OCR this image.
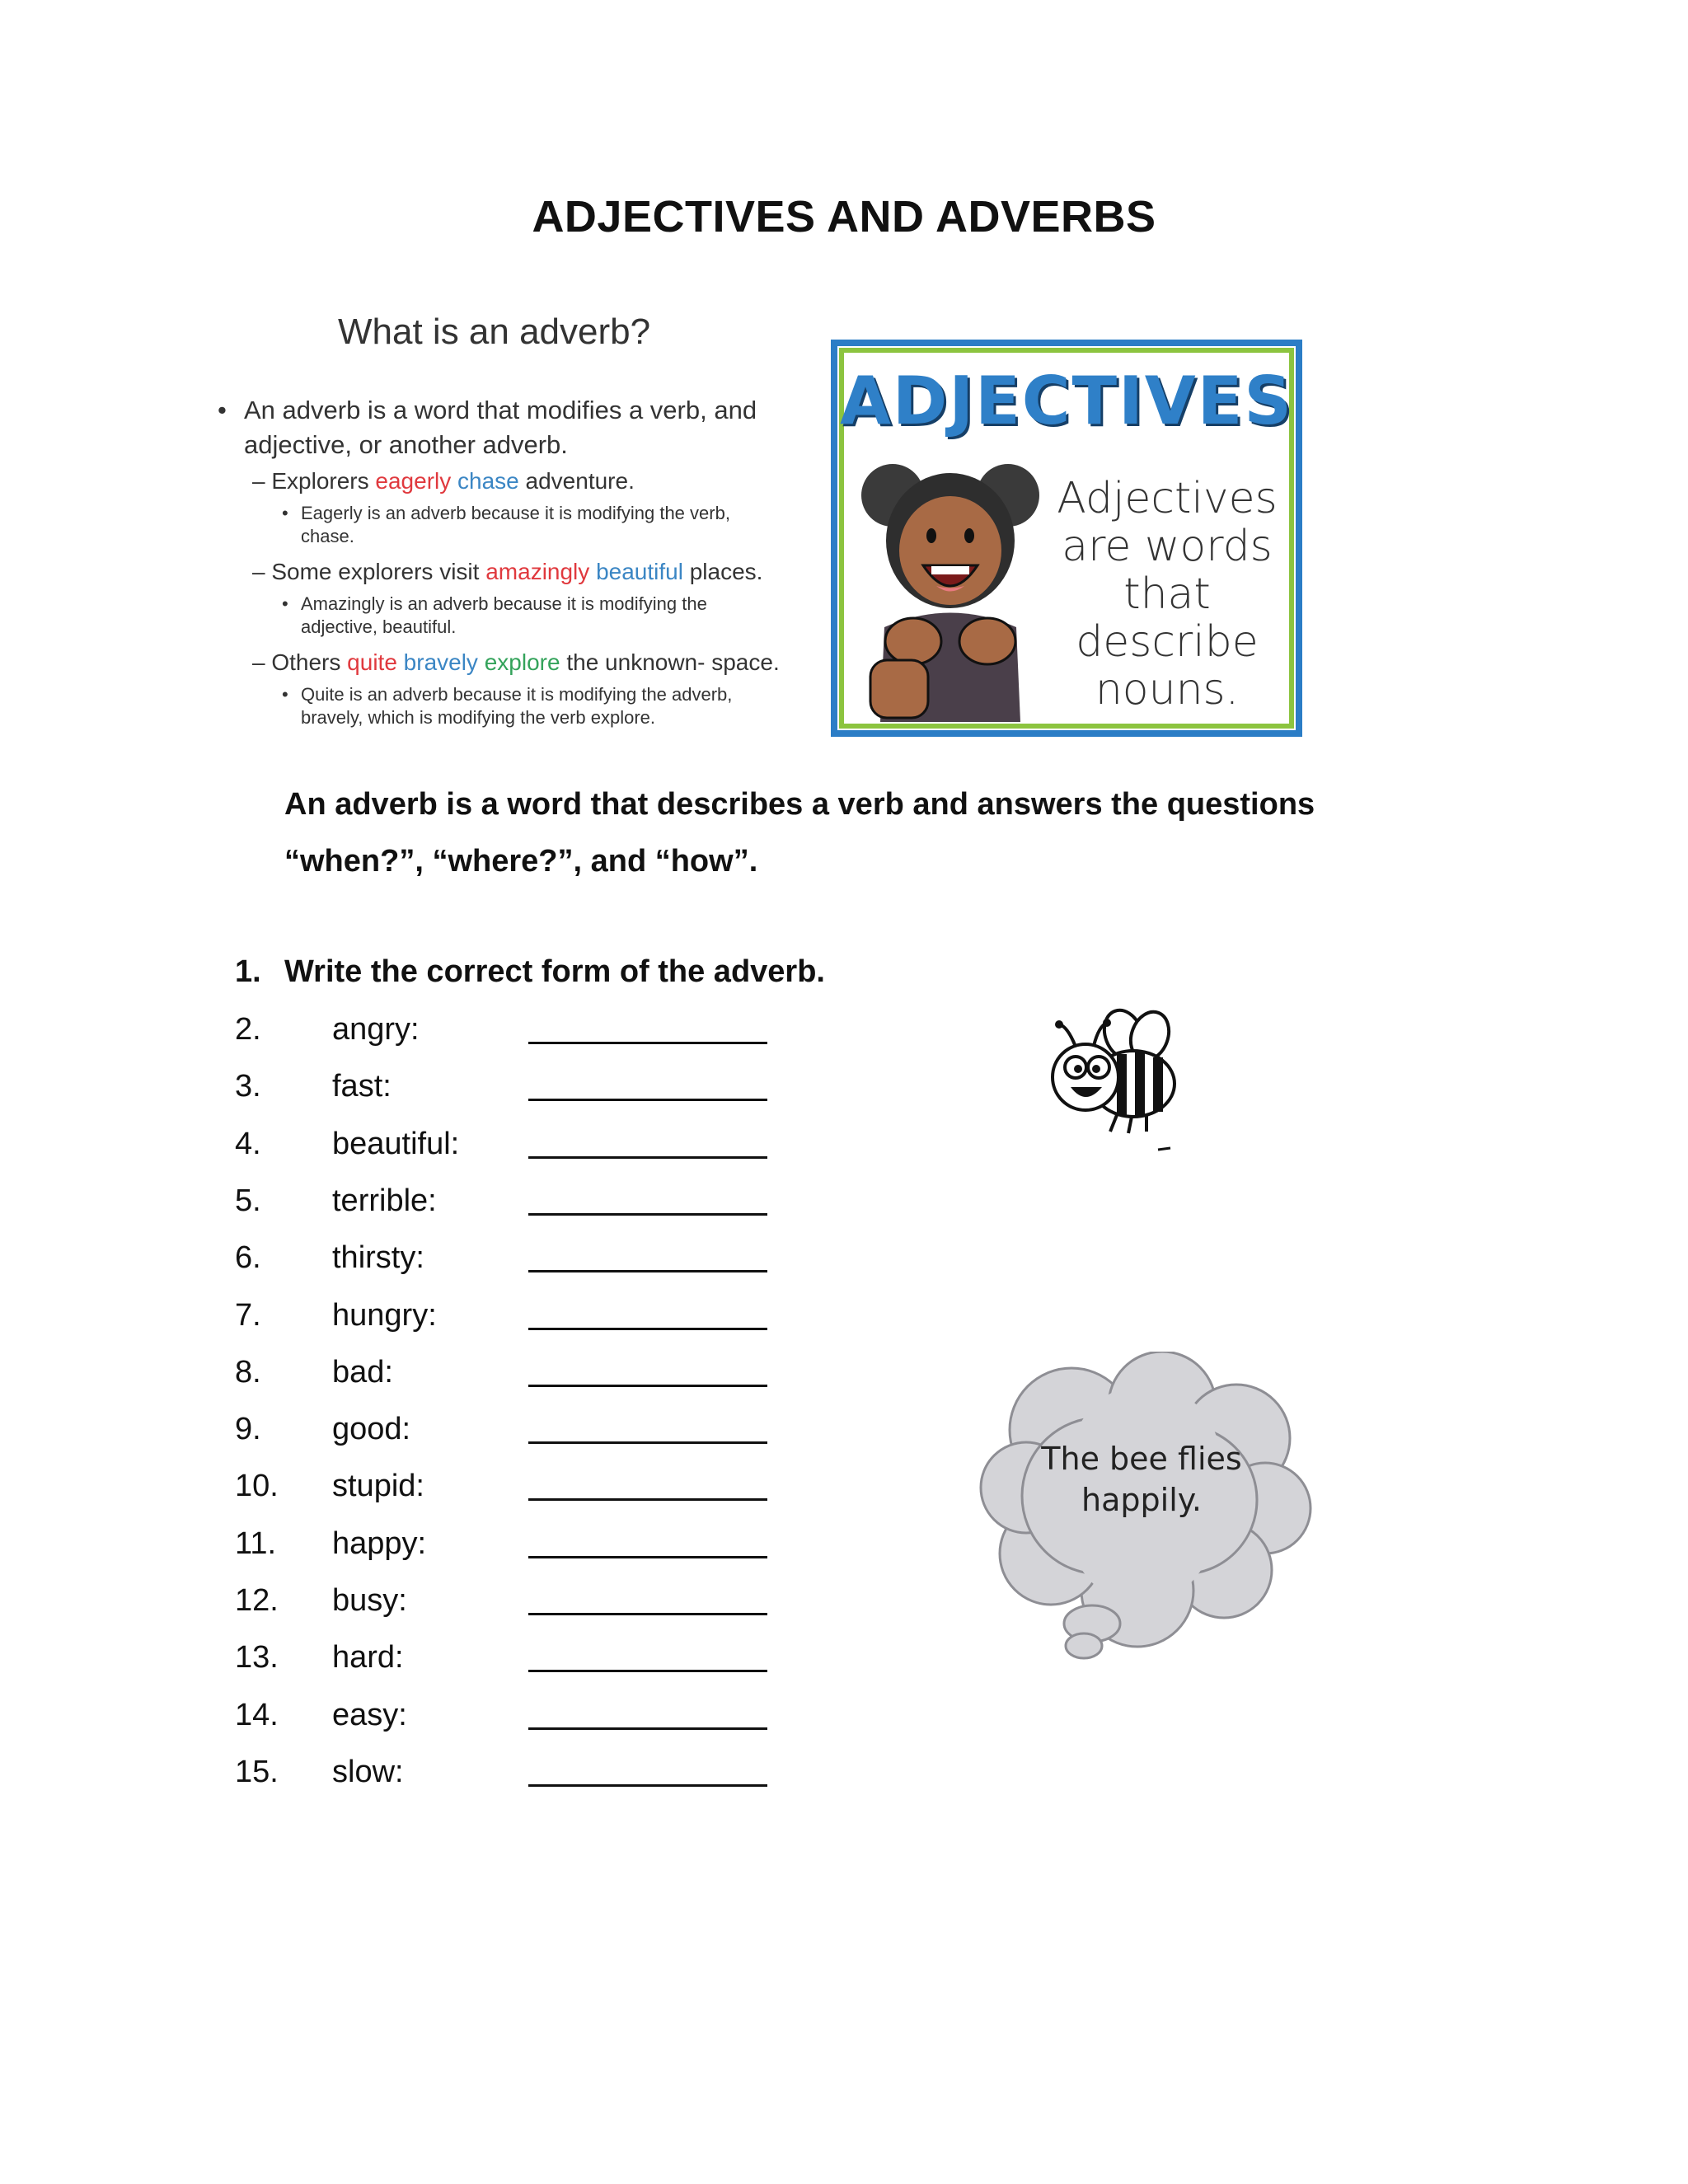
ADJECTIVES AND ADVERBS
What is an adverb?
• An adverb is a word that modifies a verb, and
adjective, or another adverb.
– Explorers eagerly chase adventure.
• Eagerly is an adverb because it is modifying the verb,
chase.
– Some explorers visit amazingly beautiful places.
• Amazingly is an adverb because it is modifying the
adjective, beautiful.
– Others quite bravely explore the unknown- space.
• Quite is an adverb because it is modifying the adverb,
bravely, which is modifying the verb explore.
ADJECTIVES
Adjectives
are words
that describe
nouns.
An adverb is a word that describes a verb and answers the questions
“when?”, “where?”, and “how”.
1. Write the correct form of the adverb.
2. angry:
3. fast:
4. beautiful:
5. terrible:
6. thirsty:
7. hungry:
8. bad:
9. good:
10. stupid:
11. happy:
12. busy:
13. hard:
14. easy:
15. slow:
The bee flies
happily.
